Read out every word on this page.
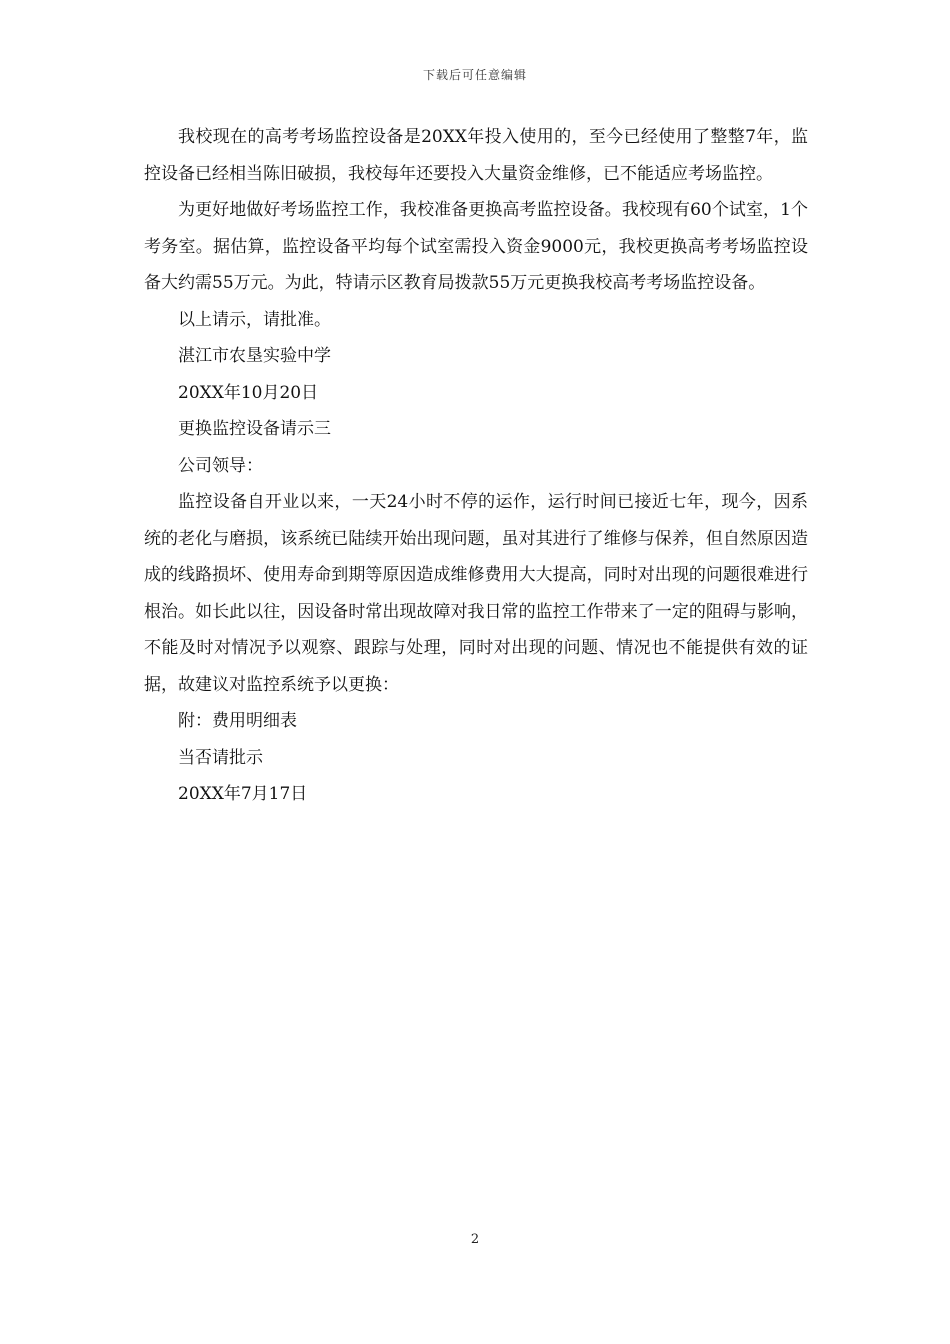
下载后可任意编辑

我校现在的高考考场监控设备是20XX年投入使用的，至今已经使用了整整7年，监控设备已经相当陈旧破损，我校每年还要投入大量资金维修，已不能适应考场监控。

为更好地做好考场监控工作，我校准备更换高考监控设备。我校现有60个试室，1个考务室。据估算，监控设备平均每个试室需投入资金9000元，我校更换高考考场监控设备大约需55万元。为此，特请示区教育局拨款55万元更换我校高考考场监控设备。

以上请示，请批准。

湛江市农垦实验中学

20XX年10月20日

更换监控设备请示三

公司领导：

监控设备自开业以来，一天24小时不停的运作，运行时间已接近七年，现今，因系统的老化与磨损，该系统已陆续开始出现问题，虽对其进行了维修与保养，但自然原因造成的线路损坏、使用寿命到期等原因造成维修费用大大提高，同时对出现的问题很难进行根治。如长此以往，因设备时常出现故障对我日常的监控工作带来了一定的阻碍与影响，不能及时对情况予以观察、跟踪与处理，同时对出现的问题、情况也不能提供有效的证据，故建议对监控系统予以更换：

附：费用明细表

当否请批示

20XX年7月17日

2
